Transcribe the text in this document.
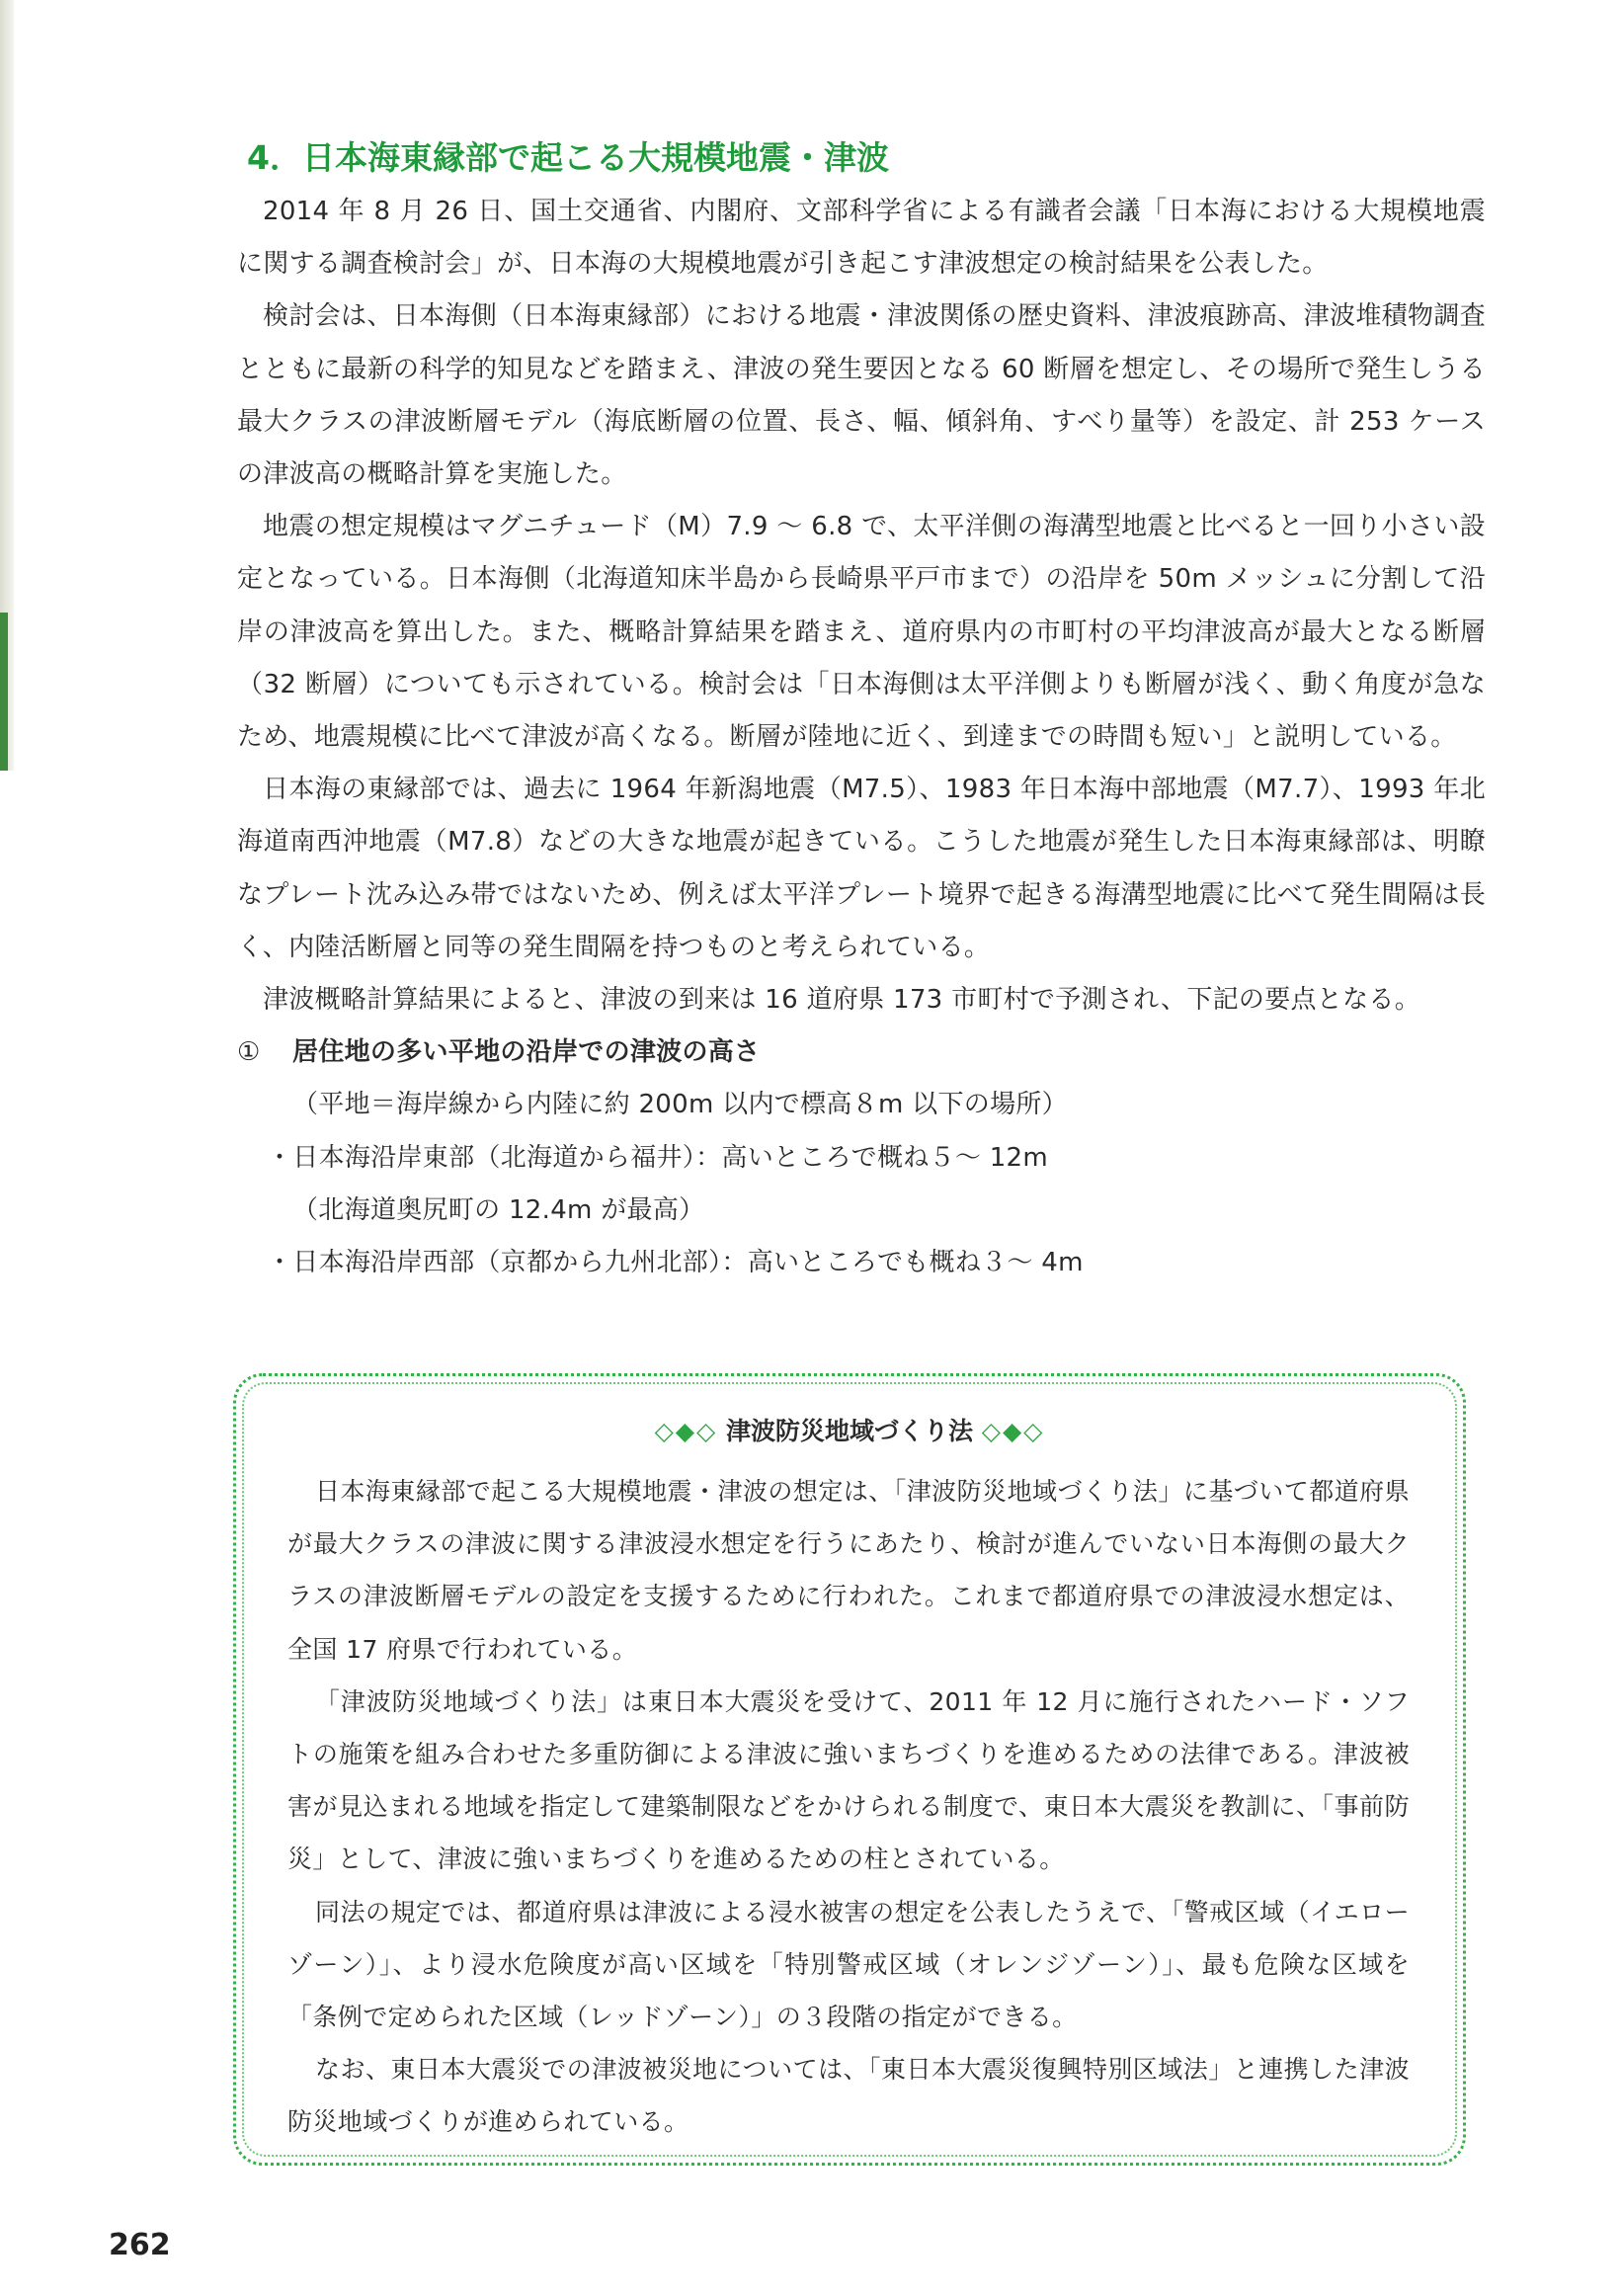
4．日本海東縁部で起こる大規模地震・津波

2014 年 8 月 26 日、国土交通省、内閣府、文部科学省による有識者会議「日本海における大規模地震に関する調査検討会」が、日本海の大規模地震が引き起こす津波想定の検討結果を公表した。

検討会は、日本海側（日本海東縁部）における地震・津波関係の歴史資料、津波痕跡高、津波堆積物調査とともに最新の科学的知見などを踏まえ、津波の発生要因となる 60 断層を想定し、その場所で発生しうる最大クラスの津波断層モデル（海底断層の位置、長さ、幅、傾斜角、すべり量等）を設定、計 253 ケースの津波高の概略計算を実施した。

地震の想定規模はマグニチュード（M）7.9 ～ 6.8 で、太平洋側の海溝型地震と比べると一回り小さい設定となっている。日本海側（北海道知床半島から長崎県平戸市まで）の沿岸を 50m メッシュに分割して沿岸の津波高を算出した。また、概略計算結果を踏まえ、道府県内の市町村の平均津波高が最大となる断層（32 断層）についても示されている。検討会は「日本海側は太平洋側よりも断層が浅く、動く角度が急なため、地震規模に比べて津波が高くなる。断層が陸地に近く、到達までの時間も短い」と説明している。

日本海の東縁部では、過去に 1964 年新潟地震（M7.5）、1983 年日本海中部地震（M7.7）、1993 年北海道南西沖地震（M7.8）などの大きな地震が起きている。こうした地震が発生した日本海東縁部は、明瞭なプレート沈み込み帯ではないため、例えば太平洋プレート境界で起きる海溝型地震に比べて発生間隔は長く、内陸活断層と同等の発生間隔を持つものと考えられている。

津波概略計算結果によると、津波の到来は 16 道府県 173 市町村で予測され、下記の要点となる。

① 居住地の多い平地の沿岸での津波の高さ

（平地＝海岸線から内陸に約 200m 以内で標高８m 以下の場所）

・日本海沿岸東部（北海道から福井）：高いところで概ね５～ 12m

（北海道奥尻町の 12.4m が最高）

・日本海沿岸西部（京都から九州北部）：高いところでも概ね３～ 4m

◇◆◇ 津波防災地域づくり法 ◇◆◇

日本海東縁部で起こる大規模地震・津波の想定は、「津波防災地域づくり法」に基づいて都道府県が最大クラスの津波に関する津波浸水想定を行うにあたり、検討が進んでいない日本海側の最大クラスの津波断層モデルの設定を支援するために行われた。これまで都道府県での津波浸水想定は、全国 17 府県で行われている。

「津波防災地域づくり法」は東日本大震災を受けて、2011 年 12 月に施行されたハード・ソフトの施策を組み合わせた多重防御による津波に強いまちづくりを進めるための法律である。津波被害が見込まれる地域を指定して建築制限などをかけられる制度で、東日本大震災を教訓に、「事前防災」として、津波に強いまちづくりを進めるための柱とされている。

同法の規定では、都道府県は津波による浸水被害の想定を公表したうえで、「警戒区域（イエローゾーン）」、より浸水危険度が高い区域を「特別警戒区域（オレンジゾーン）」、最も危険な区域を「条例で定められた区域（レッドゾーン）」の３段階の指定ができる。

なお、東日本大震災での津波被災地については、「東日本大震災復興特別区域法」と連携した津波防災地域づくりが進められている。

262
